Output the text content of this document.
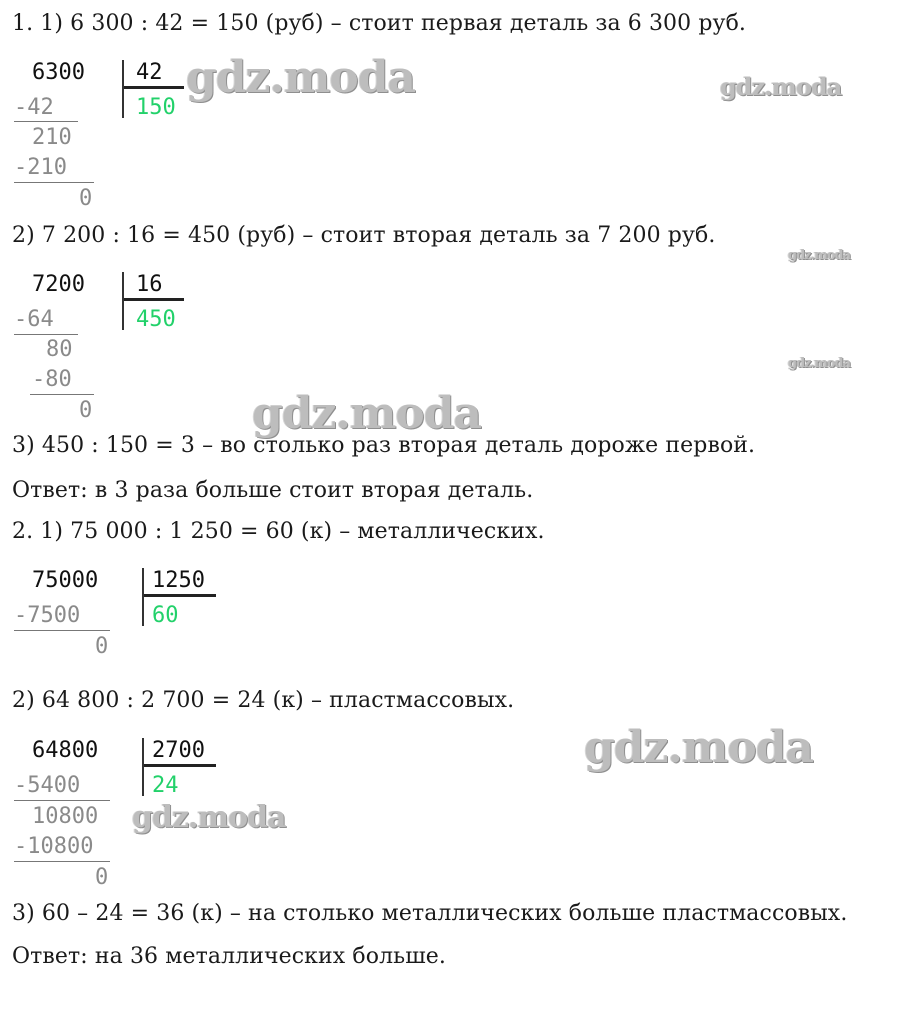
1. 1) 6 300 : 42 = 150 (руб) – стоит первая деталь за 6 300 руб.
2) 7 200 : 16 = 450 (руб) – стоит вторая деталь за 7 200 руб.
3) 450 : 150 = 3 – во столько раз вторая деталь дороже первой.
Ответ: в 3 раза больше стоит вторая деталь.
2. 1) 75 000 : 1 250 = 60 (к) – металлических.
2) 64 800 : 2 700 = 24 (к) – пластмассовых.
3) 60 – 24 = 36 (к) – на столько металлических больше пластмассовых.
Ответ: на 36 металлических больше.
6300 42
150
-42
210
-210
0
7200 16
450
-64
80
-80
0
75000 1250
60
-7500
0
64800 2700
24
-5400
10800
-10800
0
gdz.moda	gdz.moda
gdz.moda
gdz.moda
gdz.moda
gdz.moda
gdz.moda
